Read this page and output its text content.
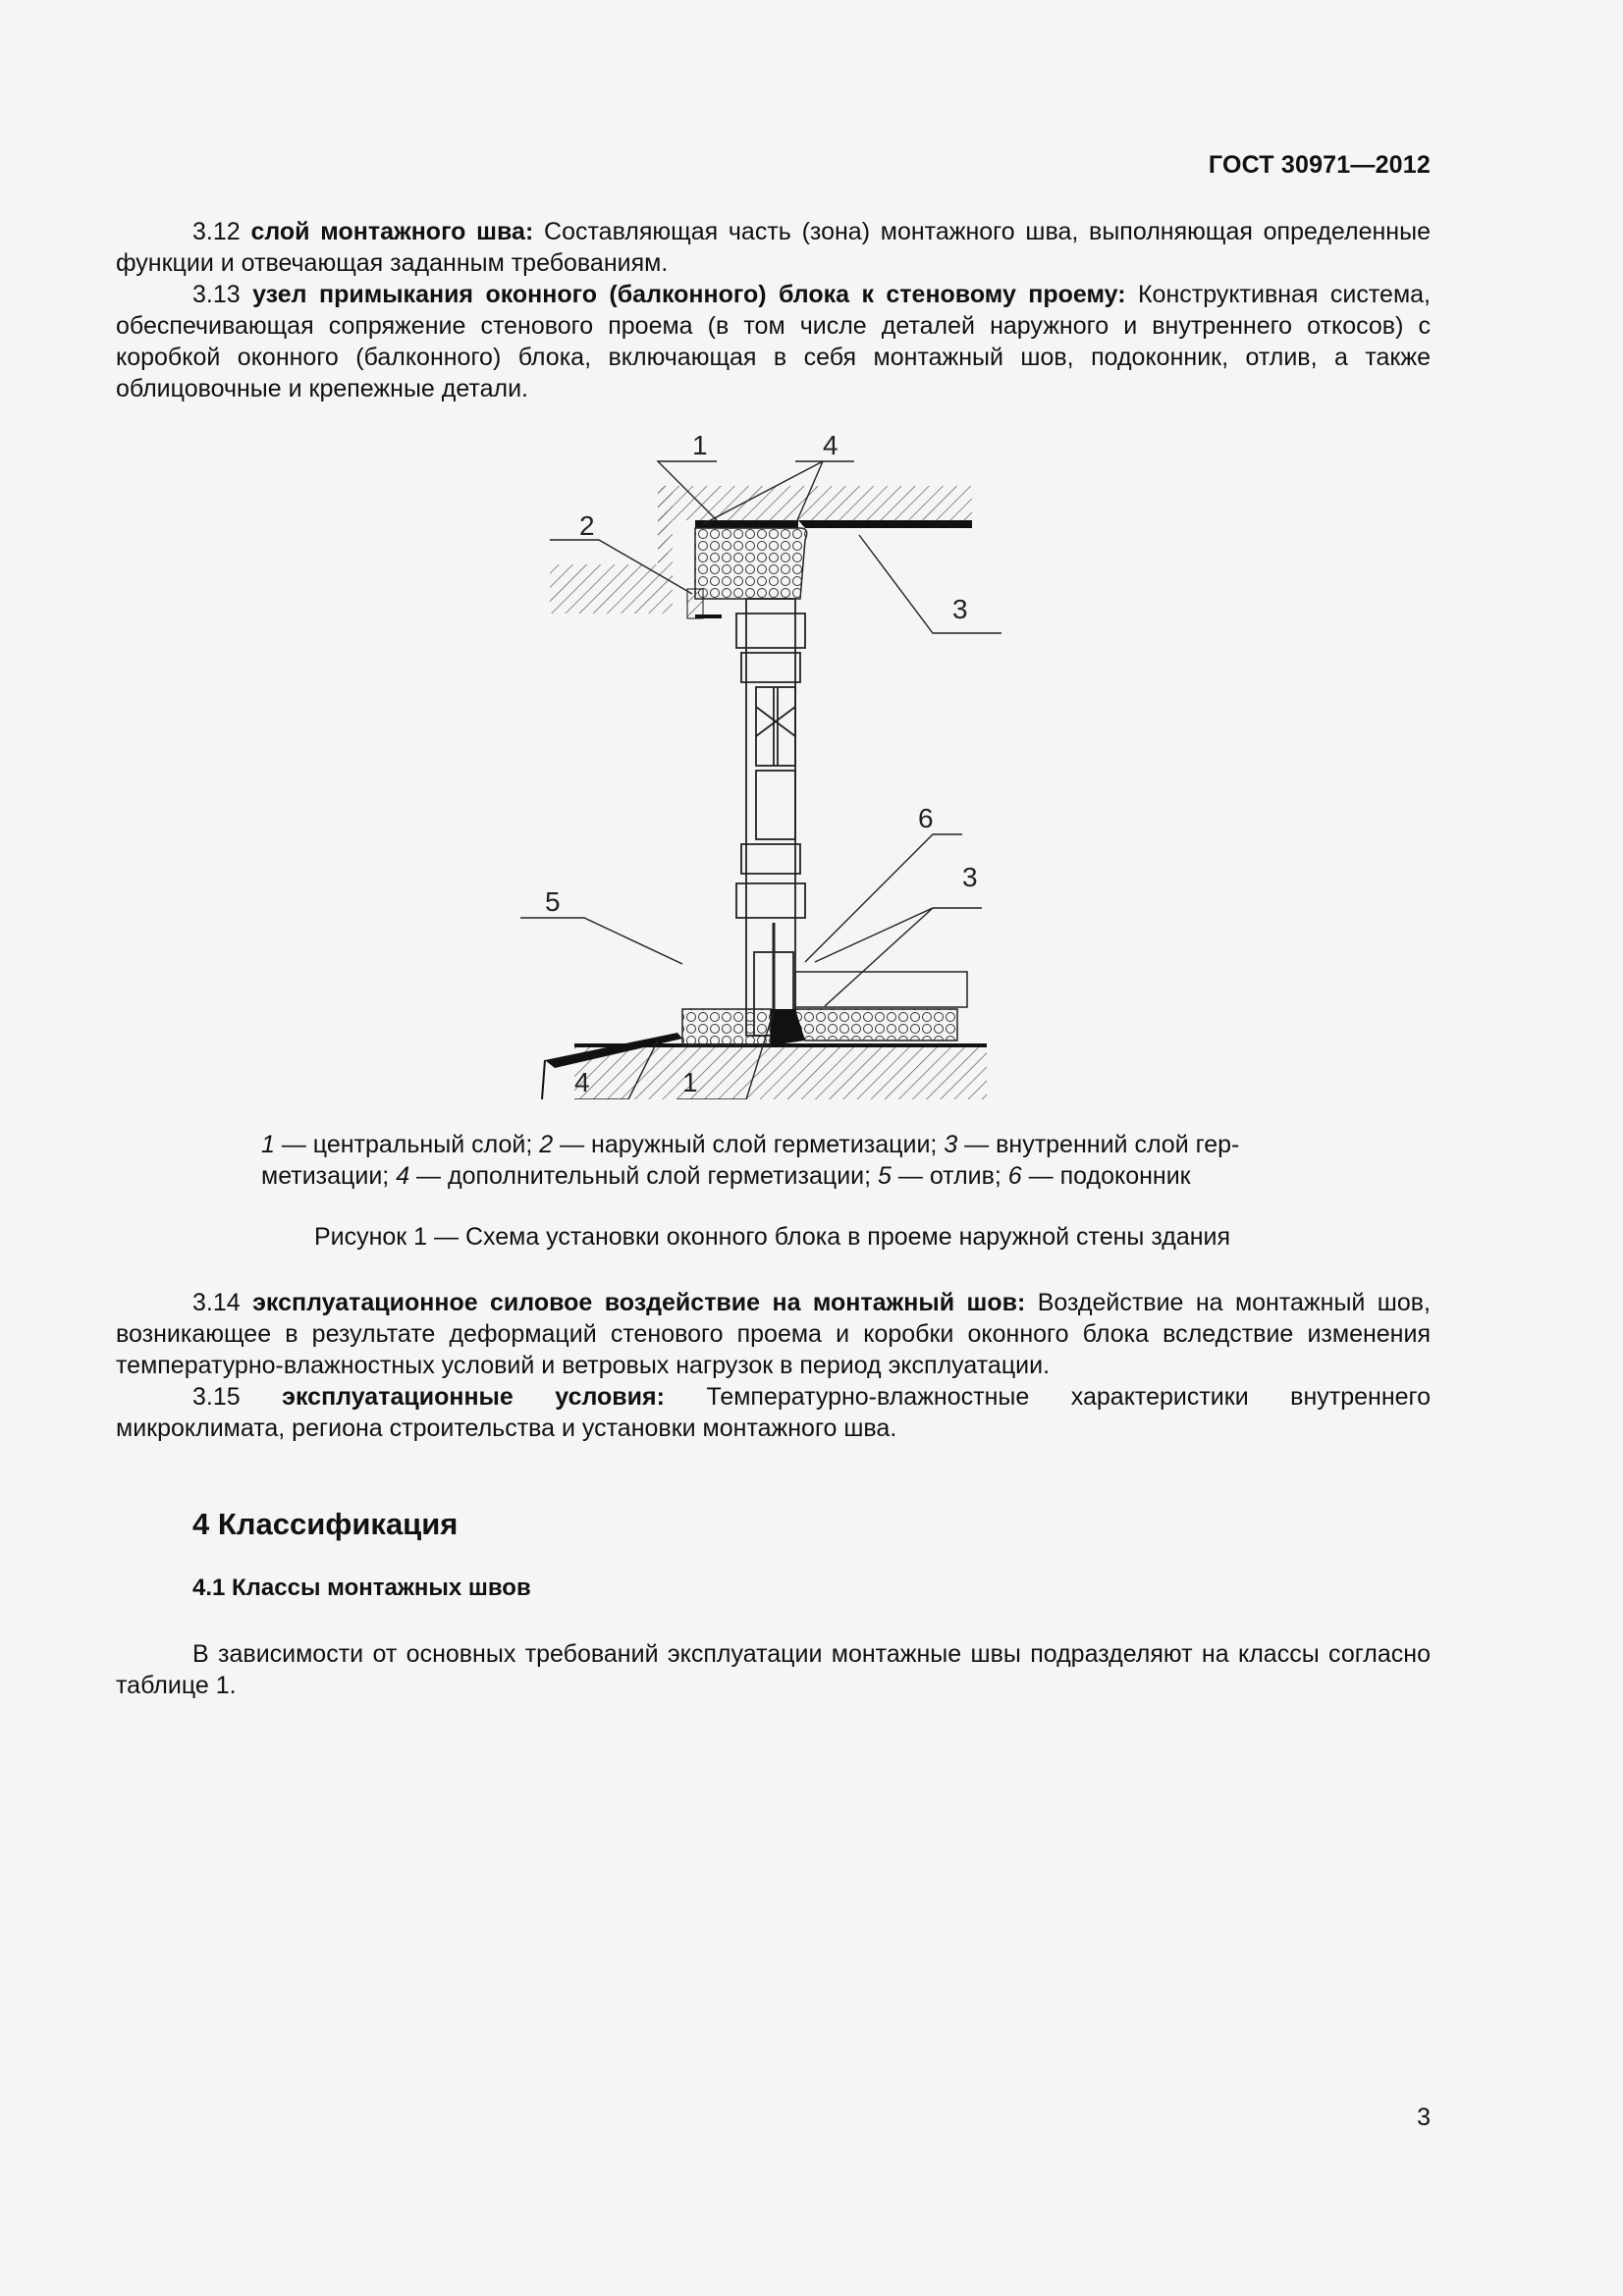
ГОСТ 30971—2012

3.12 слой монтажного шва: Составляющая часть (зона) монтажного шва, выполняющая определенные функции и отвечающая заданным требованиям.

3.13 узел примыкания оконного (балконного) блока к стеновому проему: Конструктивная система, обеспечивающая сопряжение стенового проема (в том числе деталей наружного и внутреннего откосов) с коробкой оконного (балконного) блока, включающая в себя монтажный шов, подоконник, отлив, а также облицовочные и крепежные детали.

1	4
2
3
6
3
5
4	1
1 — центральный слой; 2 — наружный слой герметизации; 3 — внутренний слой гер-
метизации; 4 — дополнительный слой герметизации; 5 — отлив; 6 — подоконник
Рисунок 1 — Схема установки оконного блока в проеме наружной стены здания

3.14 эксплуатационное силовое воздействие на монтажный шов: Воздействие на монтажный шов, возникающее в результате деформаций стенового проема и коробки оконного блока вследствие изменения температурно-влажностных условий и ветровых нагрузок в период эксплуатации.

3.15 эксплуатационные условия: Температурно-влажностные характеристики внутреннего микроклимата, региона строительства и установки монтажного шва.

4 Классификация
4.1 Классы монтажных швов

В зависимости от основных требований эксплуатации монтажные швы подразделяют на классы согласно таблице 1.

3
